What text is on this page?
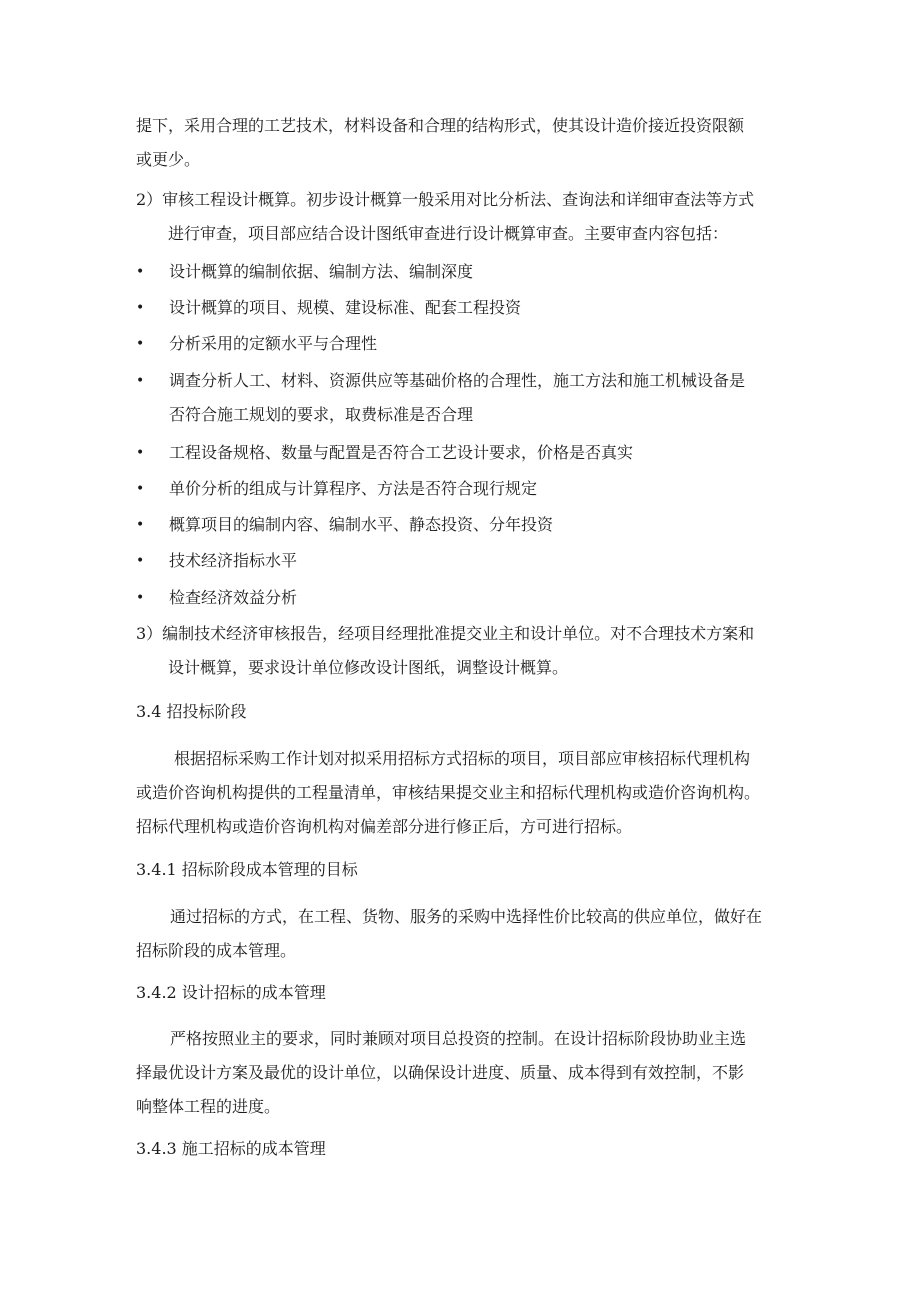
提下，采用合理的工艺技术，材料设备和合理的结构形式，使其设计造价接近投资限额
或更少。
2）审核工程设计概算。初步设计概算一般采用对比分析法、查询法和详细审查法等方式
进行审查，项目部应结合设计图纸审查进行设计概算审查。主要审查内容包括：
• 设计概算的编制依据、编制方法、编制深度
• 设计概算的项目、规模、建设标准、配套工程投资
• 分析采用的定额水平与合理性
• 调查分析人工、材料、资源供应等基础价格的合理性，施工方法和施工机械设备是
否符合施工规划的要求，取费标准是否合理
• 工程设备规格、数量与配置是否符合工艺设计要求，价格是否真实
• 单价分析的组成与计算程序、方法是否符合现行规定
• 概算项目的编制内容、编制水平、静态投资、分年投资
• 技术经济指标水平
• 检查经济效益分析
3）编制技术经济审核报告，经项目经理批准提交业主和设计单位。对不合理技术方案和
设计概算，要求设计单位修改设计图纸，调整设计概算。
3.4 招投标阶段
根据招标采购工作计划对拟采用招标方式招标的项目，项目部应审核招标代理机构
或造价咨询机构提供的工程量清单，审核结果提交业主和招标代理机构或造价咨询机构。
招标代理机构或造价咨询机构对偏差部分进行修正后，方可进行招标。
3.4.1 招标阶段成本管理的目标
通过招标的方式，在工程、货物、服务的采购中选择性价比较高的供应单位，做好在
招标阶段的成本管理。
3.4.2 设计招标的成本管理
严格按照业主的要求，同时兼顾对项目总投资的控制。在设计招标阶段协助业主选
择最优设计方案及最优的设计单位，以确保设计进度、质量、成本得到有效控制，不影
响整体工程的进度。
3.4.3 施工招标的成本管理
